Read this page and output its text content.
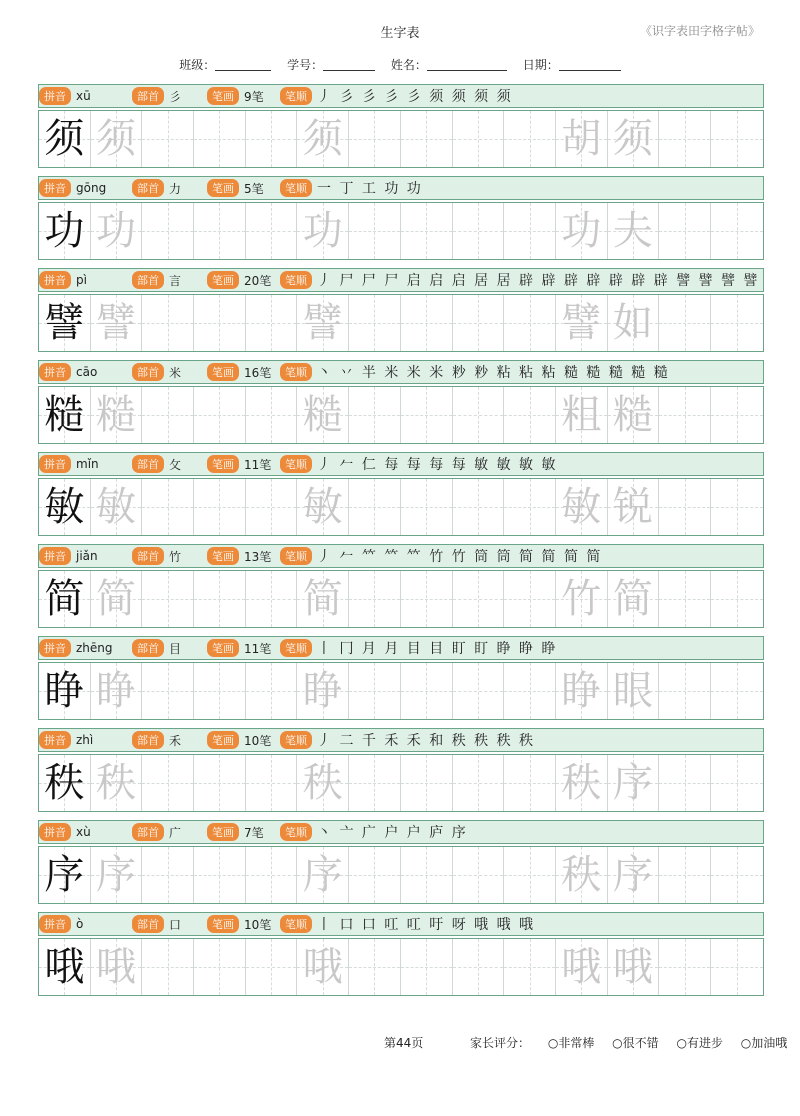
生字表	《识字表田字格字帖》
班级：	学号：	姓名：	日期：
拼音 xū	部首 彡	笔画 9笔	笔顺 丿 彡 彡 彡 彡 须 须 须 须
须 须	须	胡 须
拼音 gōng	部首 力	笔画 5笔	笔顺 一 丁 工 功 功
功 功	功	功 夫
拼音 pì	部首 言	笔画 20笔	笔顺 丿 尸 尸 尸 启 启 启 居 居 辟 辟 辟 辟 辟 辟 辟 譬 譬 譬 譬
譬 譬	譬	譬 如
拼音 cāo	部首 米	笔画 16笔	笔顺 丶 丷 半 米 米 米 粆 粆 粘 粘 粘 糙 糙 糙 糙 糙
糙 糙	糙	粗 糙
拼音 mǐn	部首 攵	笔画 11笔	笔顺 丿 𠂉 仁 每 每 每 每 敏 敏 敏 敏
敏 敏	敏	敏 锐
拼音 jiǎn	部首 竹	笔画 13笔	笔顺 丿 𠂉 𥫗 𥫗 𥫗 竹 竹 筒 筒 简 简 简 简
简 简	简	竹 简
拼音 zhēng	部首 目	笔画 11笔	笔顺 丨 冂 月 月 目 目 盯 盯 睁 睁 睁
睁 睁	睁	睁 眼
拼音 zhì	部首 禾	笔画 10笔	笔顺 丿 二 千 禾 禾 和 秩 秩 秩 秩
秩 秩	秩	秩 序
拼音 xù	部首 广	笔画 7笔	笔顺 丶 亠 广 户 户 庐 序
序 序	序	秩 序
拼音 ò	部首 口	笔画 10笔	笔顺 丨 口 口 叿 叿 吁 呀 哦 哦 哦
哦 哦	哦	哦 哦
第44页	家长评分： ○非常棒 ○很不错 ○有进步 ○加油哦
